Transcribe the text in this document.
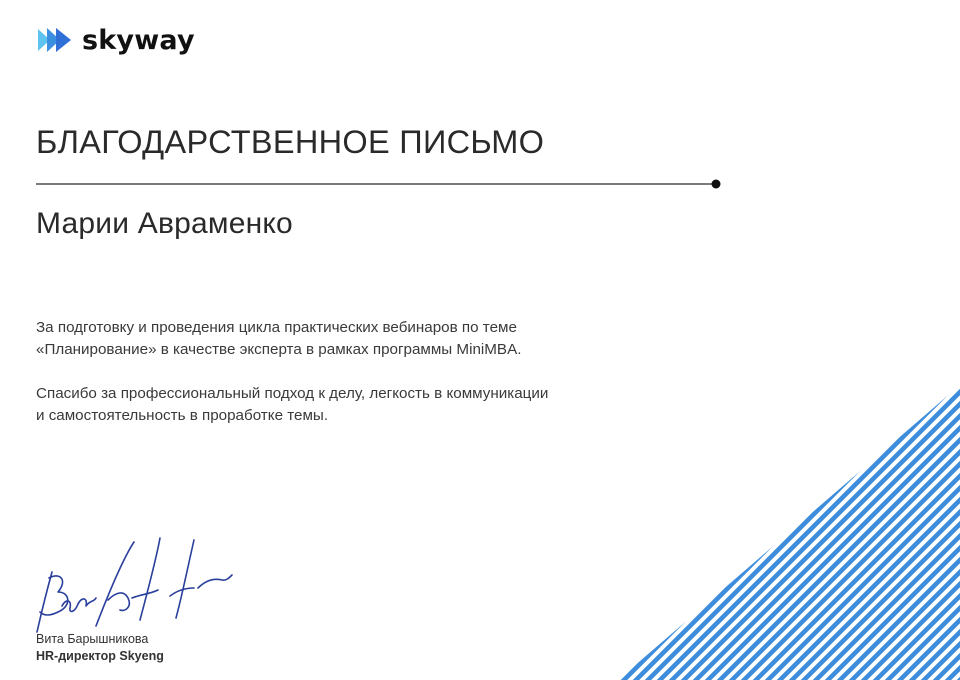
skyway
БЛАГОДАРСТВЕННОЕ ПИСЬМО
Марии Авраменко
За подготовку и проведения цикла практических вебинаров по теме
«Планирование» в качестве эксперта в рамках программы MiniMBA.
Спасибо за профессиональный подход к делу, легкость в коммуникации
и самостоятельность в проработке темы.
Вита Барышникова
HR-директор Skyeng
